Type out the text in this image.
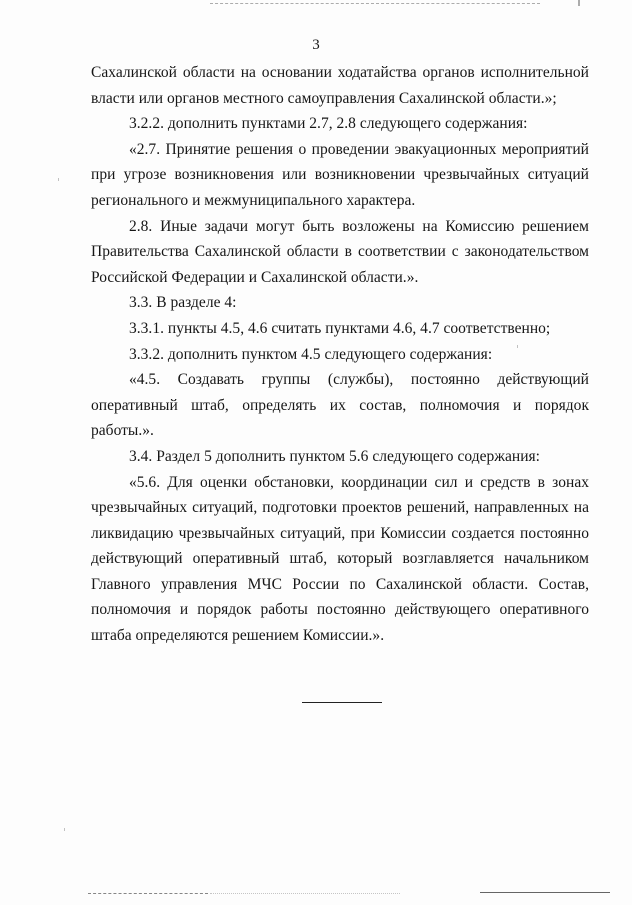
3

Сахалинской области на основании ходатайства органов исполнительной власти или органов местного самоуправления Сахалинской области.»;

3.2.2. дополнить пунктами 2.7, 2.8 следующего содержания:

«2.7. Принятие решения о проведении эвакуационных мероприятий при угрозе возникновения или возникновении чрезвычайных ситуаций регионального и межмуниципального характера.

2.8. Иные задачи могут быть возложены на Комиссию решением Правительства Сахалинской области в соответствии с законодательством Российской Федерации и Сахалинской области.».

3.3. В разделе 4:

3.3.1. пункты 4.5, 4.6 считать пунктами 4.6, 4.7 соответственно;

3.3.2. дополнить пунктом 4.5 следующего содержания:

«4.5. Создавать группы (службы), постоянно действующий оперативный штаб, определять их состав, полномочия и порядок работы.».

3.4. Раздел 5 дополнить пунктом 5.6 следующего содержания:

«5.6. Для оценки обстановки, координации сил и средств в зонах чрезвычайных ситуаций, подготовки проектов решений, направленных на ликвидацию чрезвычайных ситуаций, при Комиссии создается постоянно действующий оперативный штаб, который возглавляется начальником Главного управления МЧС России по Сахалинской области. Состав, полномочия и порядок работы постоянно действующего оперативного штаба определяются решением Комиссии.».
